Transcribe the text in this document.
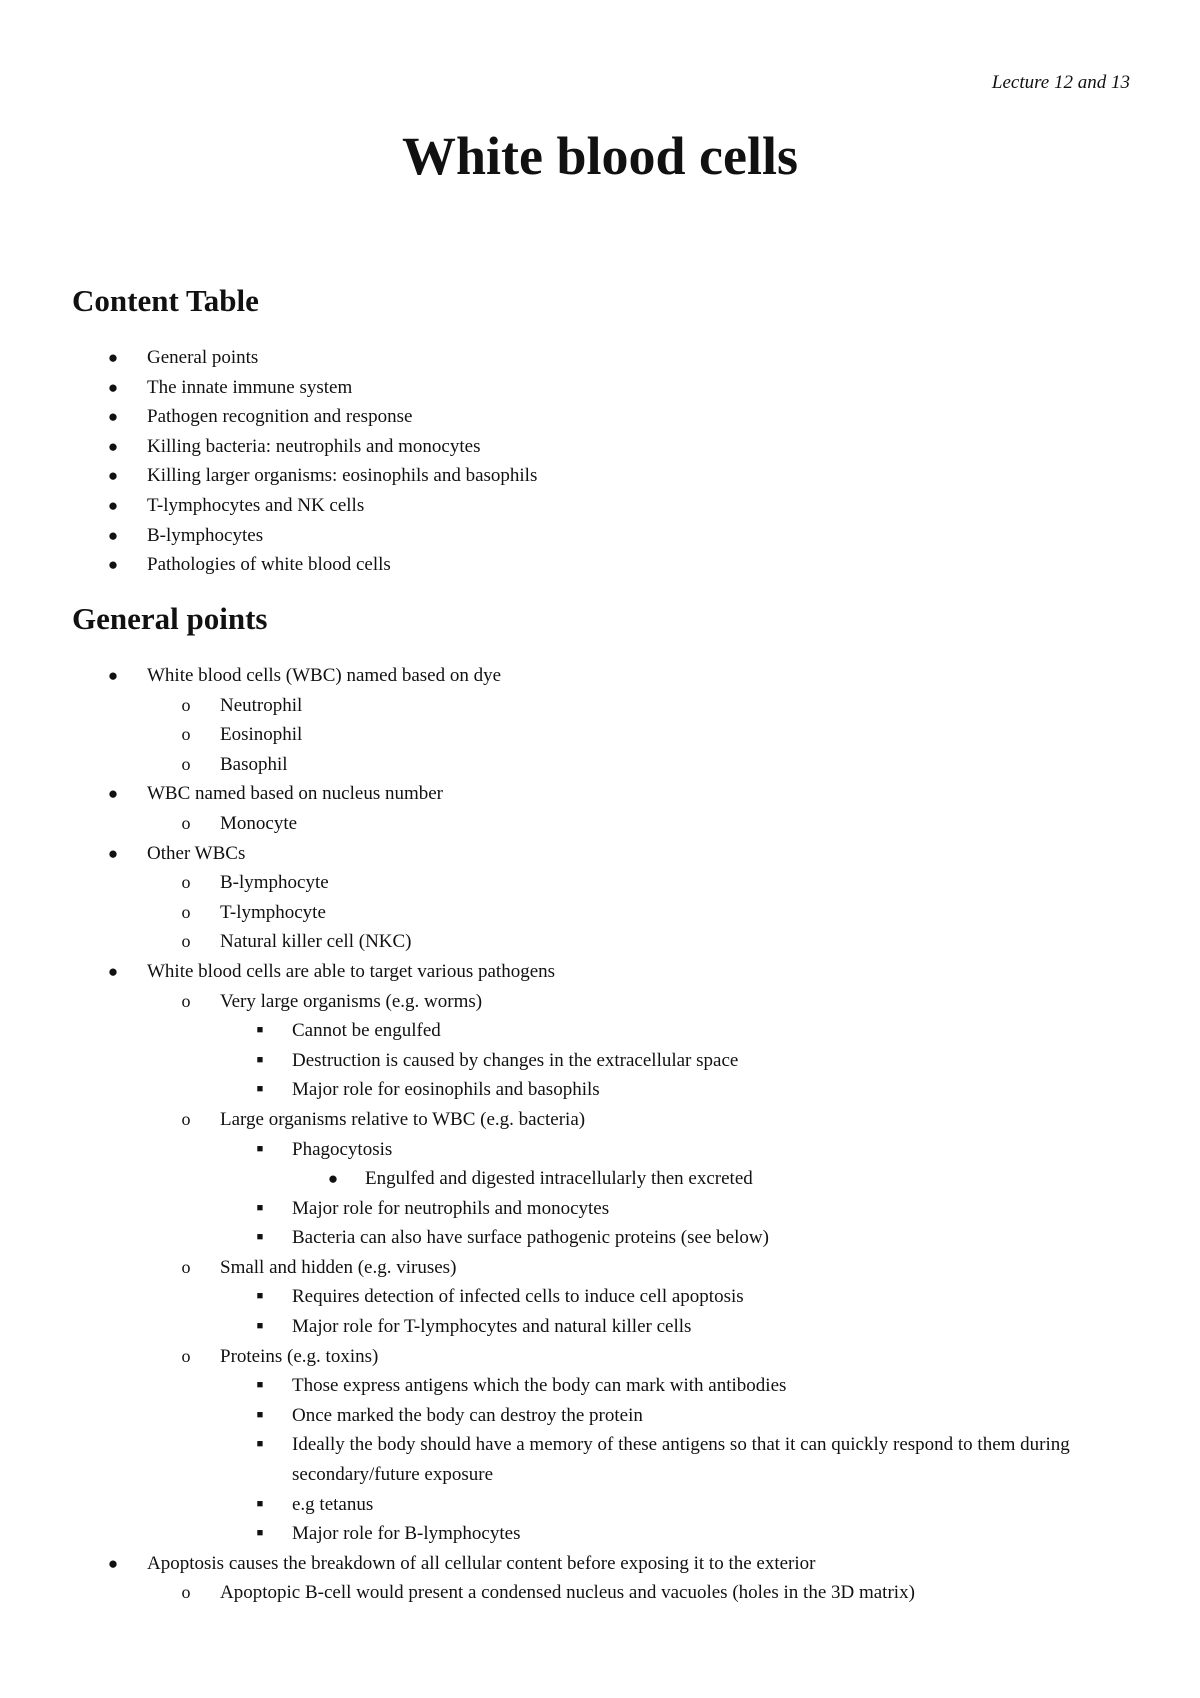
Lecture 12 and 13
White blood cells
Content Table
● General points
● The innate immune system
● Pathogen recognition and response
● Killing bacteria: neutrophils and monocytes
● Killing larger organisms: eosinophils and basophils
● T-lymphocytes and NK cells
● B-lymphocytes
● Pathologies of white blood cells
General points
● White blood cells (WBC) named based on dye
o Neutrophil
o Eosinophil
o Basophil
● WBC named based on nucleus number
o Monocyte
● Other WBCs
o B-lymphocyte
o T-lymphocyte
o Natural killer cell (NKC)
● White blood cells are able to target various pathogens
o Very large organisms (e.g. worms)
■	Cannot be engulfed
■	Destruction is caused by changes in the extracellular space
■	Major role for eosinophils and basophils
o Large organisms relative to WBC (e.g. bacteria)
■	Phagocytosis
● Engulfed and digested intracellularly then excreted
■	Major role for neutrophils and monocytes
■	Bacteria can also have surface pathogenic proteins (see below)
o Small and hidden (e.g. viruses)
■	Requires detection of infected cells to induce cell apoptosis
■	Major role for T-lymphocytes and natural killer cells
o Proteins (e.g. toxins)
■	Those express antigens which the body can mark with antibodies
■	Once marked the body can destroy the protein
■	Ideally the body should have a memory of these antigens so that it can quickly respond to them during secondary/future exposure
■	e.g tetanus
■	Major role for B-lymphocytes
● Apoptosis causes the breakdown of all cellular content before exposing it to the exterior
o Apoptopic B-cell would present a condensed nucleus and vacuoles (holes in the 3D matrix)
